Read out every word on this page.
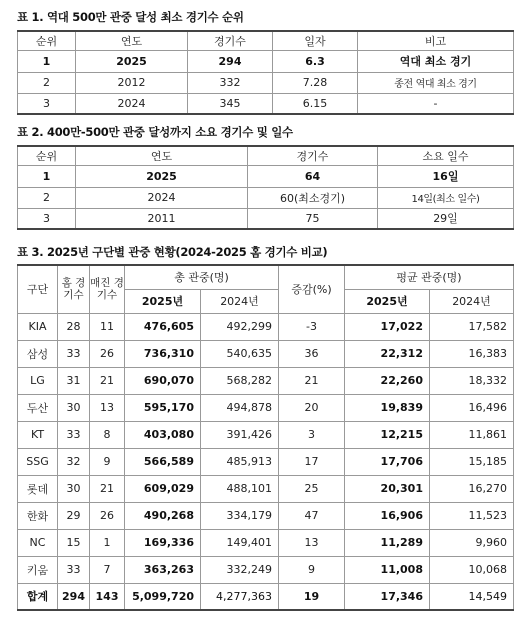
표 1. 역대 500만 관중 달성 최소 경기수 순위
순위	연도	경기수	일자	비고
1	2025	294	6.3	역대 최소 경기
2	2012	332	7.28	종전 역대 최소 경기
3	2024	345	6.15	-
표 2. 400만-500만 관중 달성까지 소요 경기수 및 일수
순위	연도	경기수	소요 일수
1	2025	64	16일
2	2024	60(최소경기)	14일(최소 일수)
3	2011	75	29일
표 3. 2025년 구단별 관중 현황(2024-2025 홈 경기수 비교)
구단	홈 경기수	매진 경기수	총 관중(명)		증감(%)	평균 관중(명)	
			2025년	2024년		2025년	2024년
KIA	28	11	476,605	492,299	-3	17,022	17,582
삼성	33	26	736,310	540,635	36	22,312	16,383
LG	31	21	690,070	568,282	21	22,260	18,332
두산	30	13	595,170	494,878	20	19,839	16,496
KT	33	8	403,080	391,426	3	12,215	11,861
SSG	32	9	566,589	485,913	17	17,706	15,185
롯데	30	21	609,029	488,101	25	20,301	16,270
한화	29	26	490,268	334,179	47	16,906	11,523
NC	15	1	169,336	149,401	13	11,289	9,960
키움	33	7	363,263	332,249	9	11,008	10,068
합계	294	143	5,099,720	4,277,363	19	17,346	14,549
